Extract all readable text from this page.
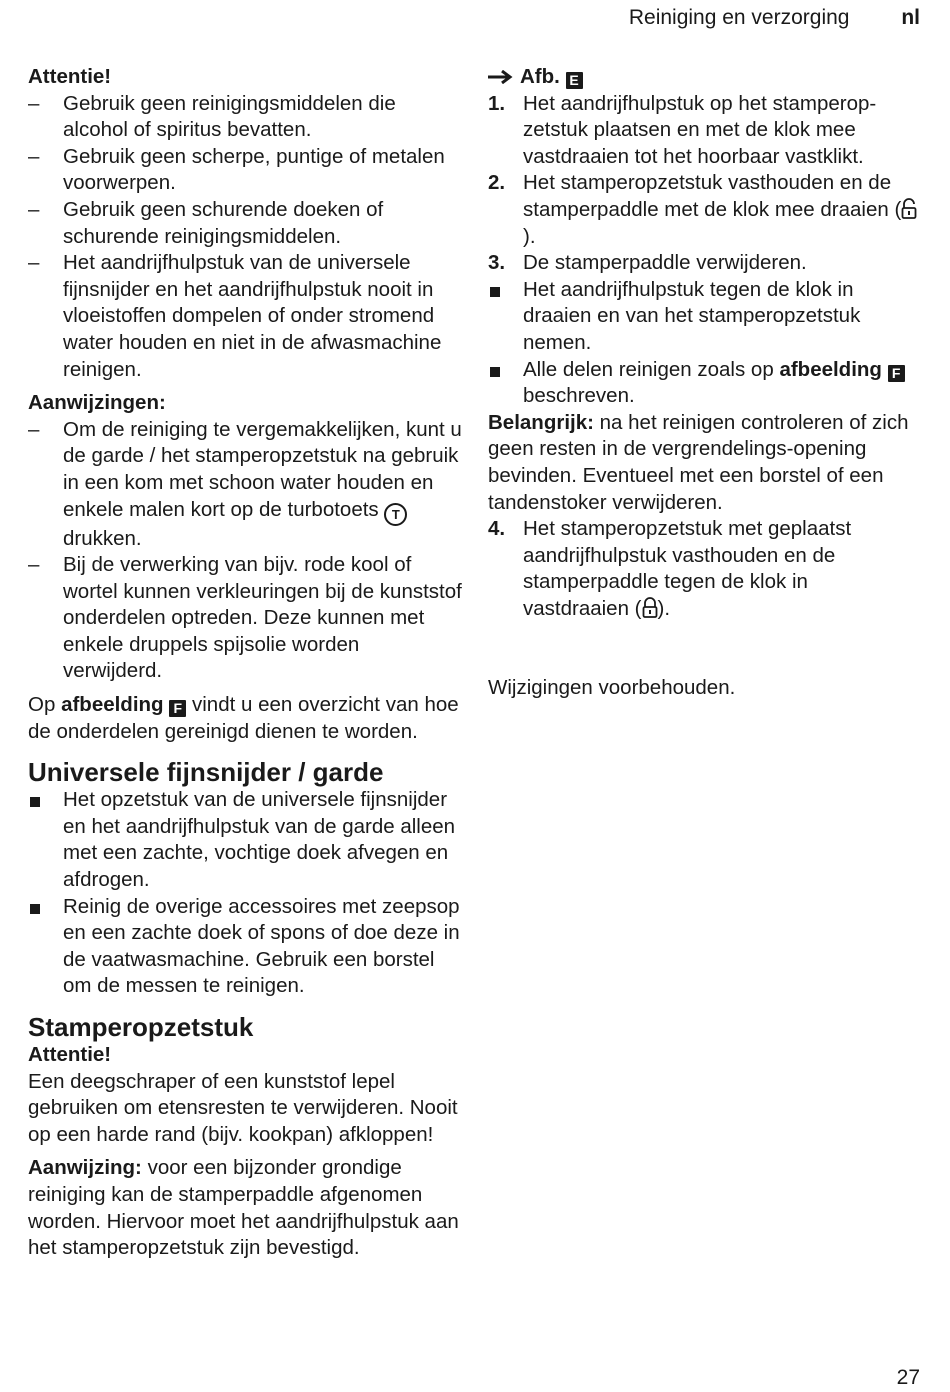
Reiniging en verzorging nl

Attentie!

– Gebruik geen reinigingsmiddelen die alcohol of spiritus bevatten.
– Gebruik geen scherpe, puntige of metalen voorwerpen.
– Gebruik geen schurende doeken of schurende reinigingsmiddelen.
– Het aandrijfhulpstuk van de universele fijnsnijder en het aandrijfhulpstuk nooit in vloeistoffen dompelen of onder stromend water houden en niet in de afwasmachine reinigen.

Aanwijzingen:

– Om de reiniging te vergemakkelijken, kunt u de garde / het stamperopzetstuk na gebruik in een kom met schoon water houden en enkele malen kort op de turbotoets T drukken.
– Bij de verwerking van bijv. rode kool of wortel kunnen verkleuringen bij de kunststof onderdelen optreden. Deze kunnen met enkele druppels spijsolie worden verwijderd.

Op afbeelding F vindt u een overzicht van hoe de onderdelen gereinigd dienen te worden.

Universele fijnsnijder / garde
Het opzetstuk van de universele fijnsnijder en het aandrijfhulpstuk van de garde alleen met een zachte, vochtige doek afvegen en afdrogen.
Reinig de overige accessoires met zeepsop en een zachte doek of spons of doe deze in de vaatwasmachine. Gebruik een borstel om de messen te reinigen.
Stamperopzetstuk

Attentie!

Een deegschraper of een kunststof lepel gebruiken om etensresten te verwijderen. Nooit op een harde rand (bijv. kookpan) afkloppen!

Aanwijzing: voor een bijzonder grondige reiniging kan de stamperpaddle afgenomen worden. Hiervoor moet het aandrijfhulpstuk aan het stamperopzetstuk zijn bevestigd.

Afb. E

1. Het aandrijfhulpstuk op het stamperop-zetstuk plaatsen en met de klok mee vastdraaien tot het hoorbaar vastklikt.
2. Het stamperopzetstuk vasthouden en de stamperpaddle met de klok mee draaien ().
3. De stamperpaddle verwijderen.
Het aandrijfhulpstuk tegen de klok in draaien en van het stamperopzetstuk nemen.
Alle delen reinigen zoals op afbeelding F beschreven.

Belangrijk: na het reinigen controleren of zich geen resten in de vergrendelings-opening bevinden. Eventueel met een borstel of een tandenstoker verwijderen.

4. Het stamperopzetstuk met geplaatst aandrijfhulpstuk vasthouden en de stamperpaddle tegen de klok in vastdraaien ( ).

Wijzigingen voorbehouden.

27
